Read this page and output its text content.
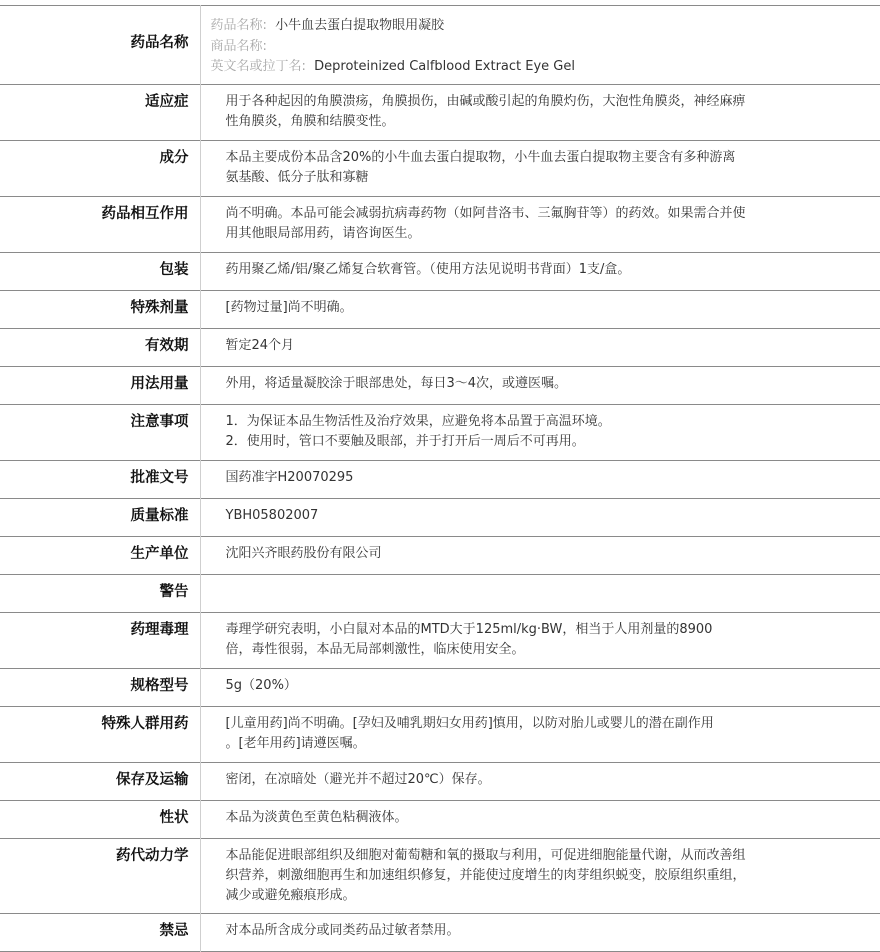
药品名称	药品名称: 小牛血去蛋白提取物眼用凝胶
商品名称:
英文名或拉丁名: Deproteinized Calfblood Extract Eye Gel

适应症	用于各种起因的角膜溃疡，角膜损伤，由碱或酸引起的角膜灼伤，大泡性角膜炎，神经麻痹
性角膜炎，角膜和结膜变性。

成分	本品主要成份本品含20%的小牛血去蛋白提取物，小牛血去蛋白提取物主要含有多种游离
氨基酸、低分子肽和寡糖

药品相互作用	尚不明确。本品可能会减弱抗病毒药物（如阿昔洛韦、三氟胸苷等）的药效。如果需合并使
用其他眼局部用药，请咨询医生。

包装	药用聚乙烯/铝/聚乙烯复合软膏管。（使用方法见说明书背面）1支/盒。

特殊剂量	[药物过量]尚不明确。

有效期	暂定24个月

用法用量	外用，将适量凝胶涂于眼部患处，每日3～4次，或遵医嘱。

注意事项	1．为保证本品生物活性及治疗效果，应避免将本品置于高温环境。
2．使用时，管口不要触及眼部，并于打开后一周后不可再用。

批准文号	国药准字H20070295

质量标准	YBH05802007

生产单位	沈阳兴齐眼药股份有限公司

警告	

药理毒理	毒理学研究表明，小白鼠对本品的MTD大于125ml/kg·BW，相当于人用剂量的8900
倍，毒性很弱，本品无局部刺激性，临床使用安全。

规格型号	5g（20%）

特殊人群用药	[儿童用药]尚不明确。[孕妇及哺乳期妇女用药]慎用，以防对胎儿或婴儿的潜在副作用
。[老年用药]请遵医嘱。

保存及运输	密闭，在凉暗处（避光并不超过20℃）保存。

性状	本品为淡黄色至黄色粘稠液体。

药代动力学	本品能促进眼部组织及细胞对葡萄糖和氧的摄取与利用，可促进细胞能量代谢，从而改善组
织营养，刺激细胞再生和加速组织修复，并能使过度增生的肉芽组织蜕变，胶原组织重组，
减少或避免瘢痕形成。

禁忌	对本品所含成分或同类药品过敏者禁用。
